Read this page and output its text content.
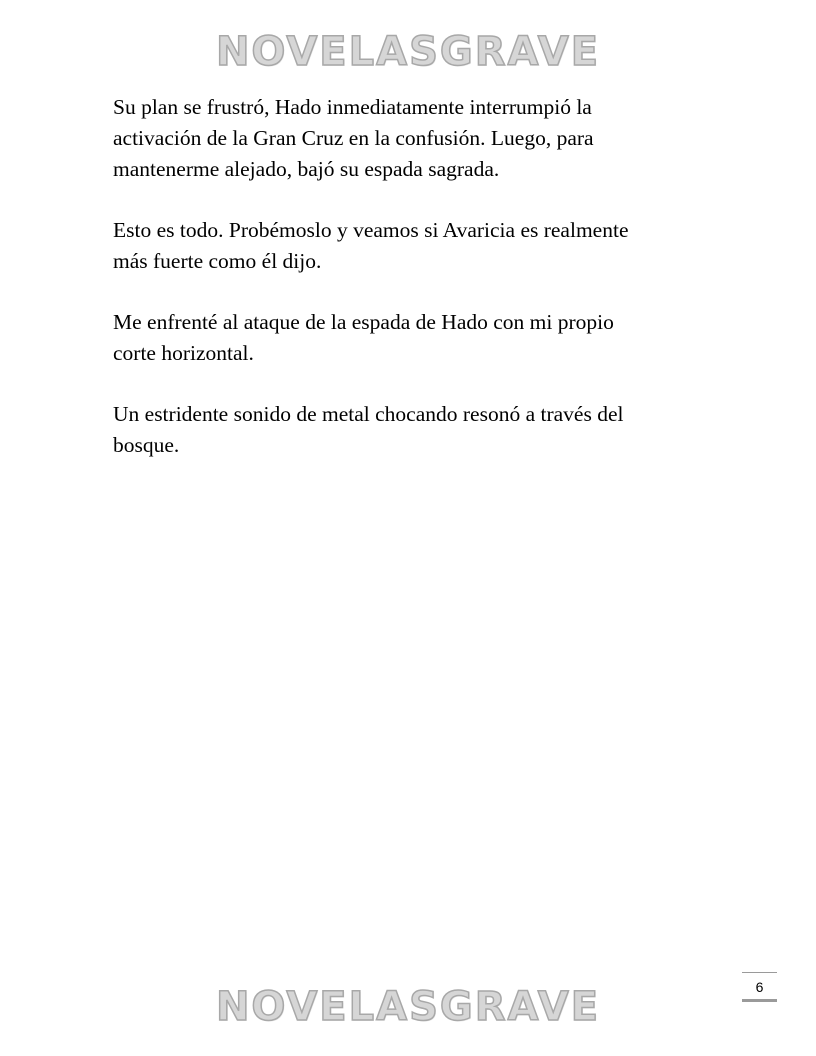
NOVELASGRAVE

Su plan se frustró, Hado inmediatamente interrumpió la
activación de la Gran Cruz en la confusión. Luego, para
mantenerme alejado, bajó su espada sagrada.

Esto es todo. Probémoslo y veamos si Avaricia es realmente
más fuerte como él dijo.

Me enfrenté al ataque de la espada de Hado con mi propio
corte horizontal.

Un estridente sonido de metal chocando resonó a través del
bosque.

6
NOVELASGRAVE
